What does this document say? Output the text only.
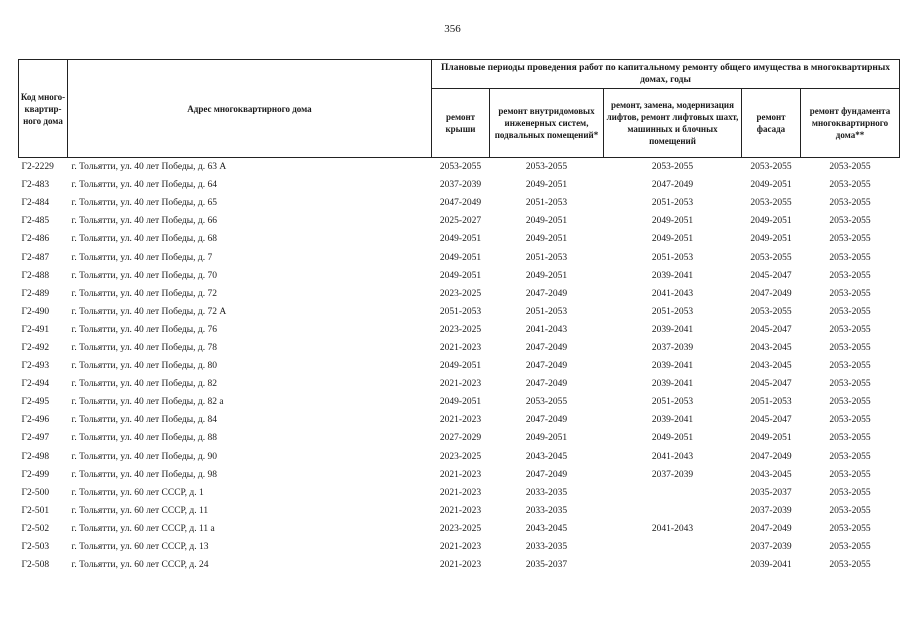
356
Код много-квартир-ного дома	Адрес многоквартирного дома	Плановые периоды проведения работ по капитальному ремонту общего имущества в многоквартирных домах, годы				
		ремонт крыши	ремонт внутридомовых инженерных систем, подвальных помещений*	ремонт, замена, модернизация лифтов, ремонт лифтовых шахт, машинных и блочных помещений	ремонт фасада	ремонт фундамента многоквартирного дома**
Г2-2229	г. Тольятти, ул. 40 лет Победы, д. 63 А	2053-2055	2053-2055	2053-2055	2053-2055	2053-2055
Г2-483	г. Тольятти, ул. 40 лет Победы, д. 64	2037-2039	2049-2051	2047-2049	2049-2051	2053-2055
Г2-484	г. Тольятти, ул. 40 лет Победы, д. 65	2047-2049	2051-2053	2051-2053	2053-2055	2053-2055
Г2-485	г. Тольятти, ул. 40 лет Победы, д. 66	2025-2027	2049-2051	2049-2051	2049-2051	2053-2055
Г2-486	г. Тольятти, ул. 40 лет Победы, д. 68	2049-2051	2049-2051	2049-2051	2049-2051	2053-2055
Г2-487	г. Тольятти, ул. 40 лет Победы, д. 7	2049-2051	2051-2053	2051-2053	2053-2055	2053-2055
Г2-488	г. Тольятти, ул. 40 лет Победы, д. 70	2049-2051	2049-2051	2039-2041	2045-2047	2053-2055
Г2-489	г. Тольятти, ул. 40 лет Победы, д. 72	2023-2025	2047-2049	2041-2043	2047-2049	2053-2055
Г2-490	г. Тольятти, ул. 40 лет Победы, д. 72 А	2051-2053	2051-2053	2051-2053	2053-2055	2053-2055
Г2-491	г. Тольятти, ул. 40 лет Победы, д. 76	2023-2025	2041-2043	2039-2041	2045-2047	2053-2055
Г2-492	г. Тольятти, ул. 40 лет Победы, д. 78	2021-2023	2047-2049	2037-2039	2043-2045	2053-2055
Г2-493	г. Тольятти, ул. 40 лет Победы, д. 80	2049-2051	2047-2049	2039-2041	2043-2045	2053-2055
Г2-494	г. Тольятти, ул. 40 лет Победы, д. 82	2021-2023	2047-2049	2039-2041	2045-2047	2053-2055
Г2-495	г. Тольятти, ул. 40 лет Победы, д. 82 а	2049-2051	2053-2055	2051-2053	2051-2053	2053-2055
Г2-496	г. Тольятти, ул. 40 лет Победы, д. 84	2021-2023	2047-2049	2039-2041	2045-2047	2053-2055
Г2-497	г. Тольятти, ул. 40 лет Победы, д. 88	2027-2029	2049-2051	2049-2051	2049-2051	2053-2055
Г2-498	г. Тольятти, ул. 40 лет Победы, д. 90	2023-2025	2043-2045	2041-2043	2047-2049	2053-2055
Г2-499	г. Тольятти, ул. 40 лет Победы, д. 98	2021-2023	2047-2049	2037-2039	2043-2045	2053-2055
Г2-500	г. Тольятти, ул. 60 лет СССР, д. 1	2021-2023	2033-2035		2035-2037	2053-2055
Г2-501	г. Тольятти, ул. 60 лет СССР, д. 11	2021-2023	2033-2035		2037-2039	2053-2055
Г2-502	г. Тольятти, ул. 60 лет СССР, д. 11 а	2023-2025	2043-2045	2041-2043	2047-2049	2053-2055
Г2-503	г. Тольятти, ул. 60 лет СССР, д. 13	2021-2023	2033-2035		2037-2039	2053-2055
Г2-508	г. Тольятти, ул. 60 лет СССР, д. 24	2021-2023	2035-2037		2039-2041	2053-2055
